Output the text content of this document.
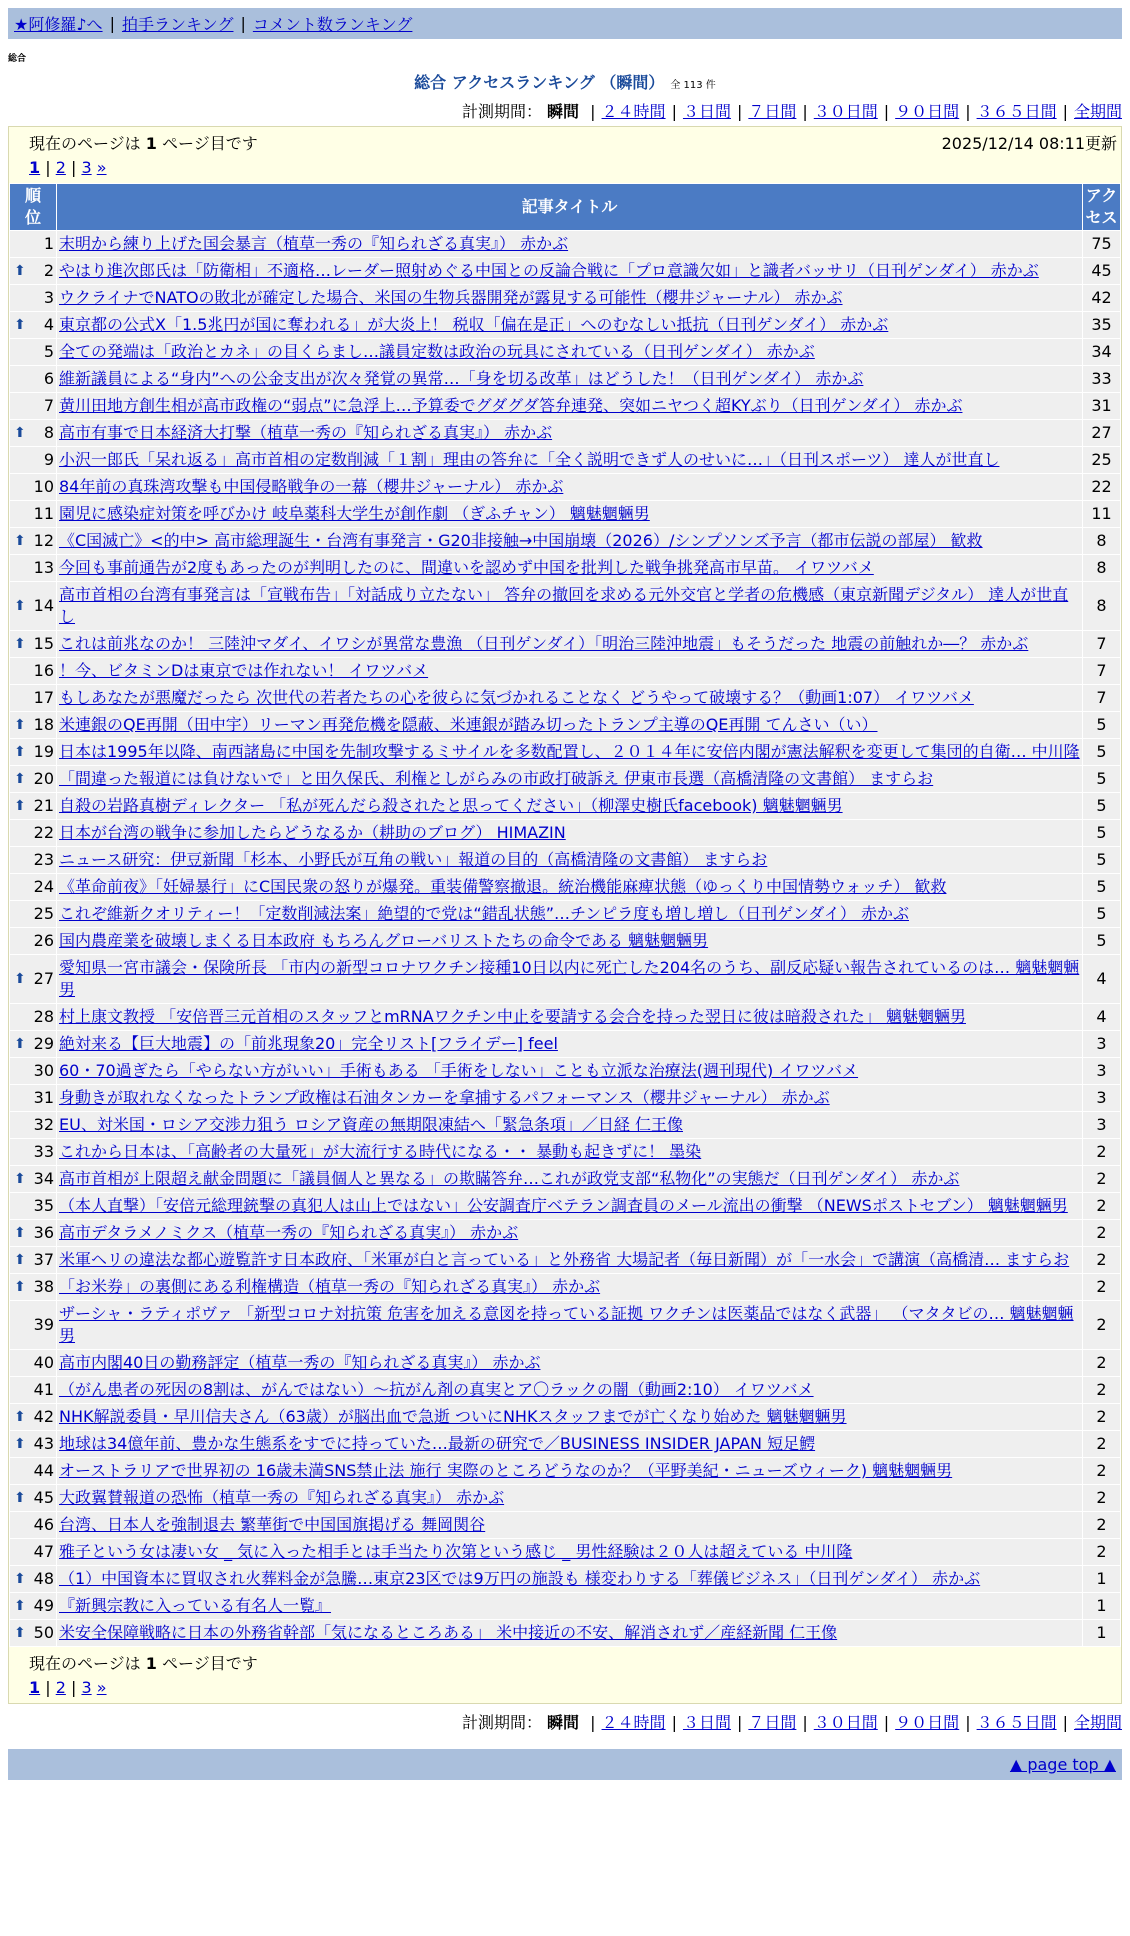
★阿修羅♪へ | 拍手ランキング | コメント数ランキング
総合
総合 アクセスランキング （瞬間） 全 113 件
計測期間： 瞬間 | ２４時間 | ３日間 | ７日間 | ３０日間 | ９０日間 | ３６５日間 | 全期間
現在のページは 1 ページ目です	2025/12/14 08:11更新
1 | 2 | 3 »
順
位	記事タイトル	アク
セス
1	末明から練り上げた国会暴言（植草一秀の『知られざる真実』） 赤かぶ	75

⬆ 2	やはり進次郎氏は「防衛相」不適格…レーダー照射めぐる中国との反論合戦に「プロ意識欠如」と識者バッサリ（日刊ゲンダイ） 赤かぶ	45
3	ウクライナでNATOの敗北が確定した場合、米国の生物兵器開発が露見する可能性（櫻井ジャーナル） 赤かぶ	42

⬆ 4	東京都の公式X「1.5兆円が国に奪われる」が大炎上！ 税収「偏在是正」へのむなしい抵抗（日刊ゲンダイ） 赤かぶ	35
5	全ての発端は「政治とカネ」の目くらまし…議員定数は政治の玩具にされている（日刊ゲンダイ） 赤かぶ	34
6	維新議員による“身内”への公金支出が次々発覚の異常…「身を切る改革」はどうした！（日刊ゲンダイ） 赤かぶ	33
7	黄川田地方創生相が高市政権の“弱点”に急浮上…予算委でグダグダ答弁連発、突如ニヤつく超KYぶり（日刊ゲンダイ） 赤かぶ	31

⬆ 8	高市有事で日本経済大打撃（植草一秀の『知られざる真実』） 赤かぶ	27
9	小沢一郎氏「呆れ返る」高市首相の定数削減「１割」理由の答弁に「全く説明できず人のせいに…」（日刊スポーツ） 達人が世直し	25
10	84年前の真珠湾攻撃も中国侵略戦争の一幕（櫻井ジャーナル） 赤かぶ	22
11	園児に感染症対策を呼びかけ 岐阜薬科大学生が創作劇 （ぎふチャン） 魑魅魍魎男	11

⬆ 12	《C国滅亡》<的中> 高市総理誕生・台湾有事発言・G20非接触→中国崩壊（2026）/シンプソンズ予言（都市伝説の部屋） 歓救	8
13	今回も事前通告が2度もあったのが判明したのに、間違いを認めず中国を批判した戦争挑発高市早苗。 イワツバメ	8

⬆ 14	高市首相の台湾有事発言は「宣戦布告」「対話成り立たない」 答弁の撤回を求める元外交官と学者の危機感（東京新聞デジタル） 達人が世直し	8

⬆ 15	これは前兆なのか！ 三陸沖マダイ、イワシが異常な豊漁 （日刊ゲンダイ）「明治三陸沖地震」もそうだった 地震の前触れか―？ 赤かぶ	7
16	！今、ビタミンDは東京では作れない！ イワツバメ	7
17	もしあなたが悪魔だったら 次世代の若者たちの心を彼らに気づかれることなく どうやって破壊する？（動画1:07） イワツバメ	7

⬆ 18	米連銀のQE再開（田中宇）リーマン再発危機を隠蔽、米連銀が踏み切ったトランプ主導のQE再開 てんさい（い）	5

⬆ 19	日本は1995年以降、南西諸島に中国を先制攻撃するミサイルを多数配置し、２０１４年に安倍内閣が憲法解釈を変更して集団的自衛… 中川隆	5

⬆ 20	「間違った報道には負けないで」と田久保氏、利権としがらみの市政打破訴え 伊東市長選（高橋清隆の文書館） ますらお	5

⬆ 21	自殺の岩路真樹ディレクター 「私が死んだら殺されたと思ってください」（柳澤史樹氏facebook) 魑魅魍魎男	5
22	日本が台湾の戦争に参加したらどうなるか（耕助のブログ） HIMAZIN	5
23	ニュース研究：伊豆新聞「杉本、小野氏が互角の戦い」報道の目的（高橋清隆の文書館） ますらお	5
24	《革命前夜》「妊婦暴行」にC国民衆の怒りが爆発。重装備警察撤退。統治機能麻痺状態（ゆっくり中国情勢ウォッチ） 歓救	5
25	これぞ維新クオリティー！「定数削減法案」絶望的で党は“錯乱状態”…チンピラ度も増し増し（日刊ゲンダイ） 赤かぶ	5
26	国内農産業を破壊しまくる日本政府 もちろんグローバリストたちの命令である 魑魅魍魎男	5

⬆ 27	愛知県一宮市議会・保険所長 「市内の新型コロナワクチン接種10日以内に死亡した204名のうち、副反応疑い報告されているのは… 魑魅魍魎男	4
28	村上康文教授 「安倍晋三元首相のスタッフとmRNAワクチン中止を要請する会合を持った翌日に彼は暗殺された」 魑魅魍魎男	4

⬆ 29	絶対来る【巨大地震】の「前兆現象20」完全リスト[フライデー] feel	3
30	60・70過ぎたら「やらない方がいい」手術もある 「手術をしない」ことも立派な治療法(週刊現代) イワツバメ	3
31	身動きが取れなくなったトランプ政権は石油タンカーを拿捕するパフォーマンス（櫻井ジャーナル） 赤かぶ	3
32	EU、対米国・ロシア交渉力狙う ロシア資産の無期限凍結へ「緊急条項」／日経 仁王像	3
33	これから日本は、「高齢者の大量死」が大流行する時代になる・・ 暴動も起きずに！ 墨染	2

⬆ 34	高市首相が上限超え献金問題に「議員個人と異なる」の欺瞞答弁…これが政党支部“私物化”の実態だ（日刊ゲンダイ） 赤かぶ	2
35	（本人直撃）「安倍元総理銃撃の真犯人は山上ではない」公安調査庁ベテラン調査員のメール流出の衝撃 （NEWSポストセブン） 魑魅魍魎男	2

⬆ 36	高市デタラメノミクス（植草一秀の『知られざる真実』） 赤かぶ	2

⬆ 37	米軍ヘリの違法な都心遊覧許す日本政府、「米軍が白と言っている」と外務省 大場記者（毎日新聞）が「一水会」で講演（高橋清… ますらお	2

⬆ 38	「お米券」の裏側にある利権構造（植草一秀の『知られざる真実』） 赤かぶ	2
39	ザーシャ・ラティポヴァ 「新型コロナ対抗策 危害を加える意図を持っている証拠 ワクチンは医薬品ではなく武器」 （マタタビの… 魑魅魍魎男	2
40	高市内閣40日の勤務評定（植草一秀の『知られざる真実』） 赤かぶ	2
41	（がん患者の死因の8割は、がんではない）～抗がん剤の真実とア〇ラックの闇（動画2:10） イワツバメ	2

⬆ 42	NHK解説委員・早川信夫さん（63歳）が脳出血で急逝 ついにNHKスタッフまでが亡くなり始めた 魑魅魍魎男	2

⬆ 43	地球は34億年前、豊かな生態系をすでに持っていた…最新の研究で／BUSINESS INSIDER JAPAN 短足鰐	2
44	オーストラリアで世界初の 16歳未満SNS禁止法 施行 実際のところどうなのか？（平野美紀・ニューズウィーク) 魑魅魍魎男	2

⬆ 45	大政翼賛報道の恐怖（植草一秀の『知られざる真実』） 赤かぶ	2
46	台湾、日本人を強制退去 繁華街で中国国旗掲げる 舞岡関谷	2
47	雅子という女は凄い女 _ 気に入った相手とは手当たり次第という感じ _ 男性経験は２０人は超えている 中川隆	2

⬆ 48	（1）中国資本に買収され火葬料金が急騰…東京23区では9万円の施設も 様変わりする「葬儀ビジネス」（日刊ゲンダイ） 赤かぶ	1

⬆ 49	『新興宗教に入っている有名人一覧』	1

⬆ 50	米安全保障戦略に日本の外務省幹部「気になるところある」 米中接近の不安、解消されず／産経新聞 仁王像	1
現在のページは 1 ページ目です
1 | 2 | 3 »
計測期間： 瞬間 | ２４時間 | ３日間 | ７日間 | ３０日間 | ９０日間 | ３６５日間 | 全期間
▲ page top ▲
